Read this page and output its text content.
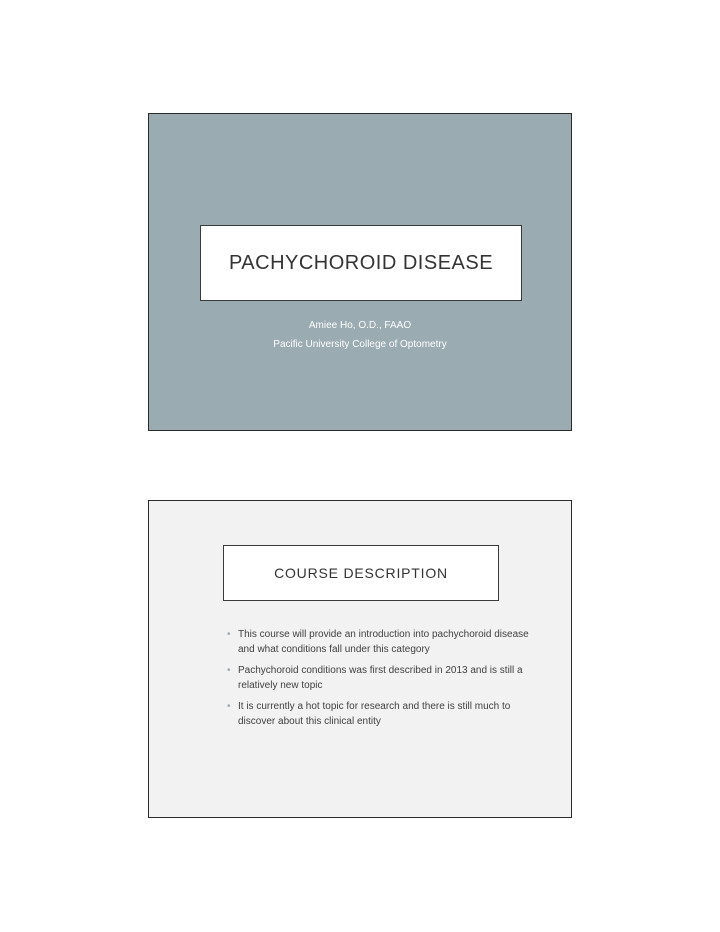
PACHYCHOROID DISEASE
Amiee Ho, O.D., FAAO
Pacific University College of Optometry
COURSE DESCRIPTION
• This course will provide an introduction into pachychoroid disease and what conditions fall under this category
• Pachychoroid conditions was first described in 2013 and is still a relatively new topic
• It is currently a hot topic for research and there is still much to discover about this clinical entity
